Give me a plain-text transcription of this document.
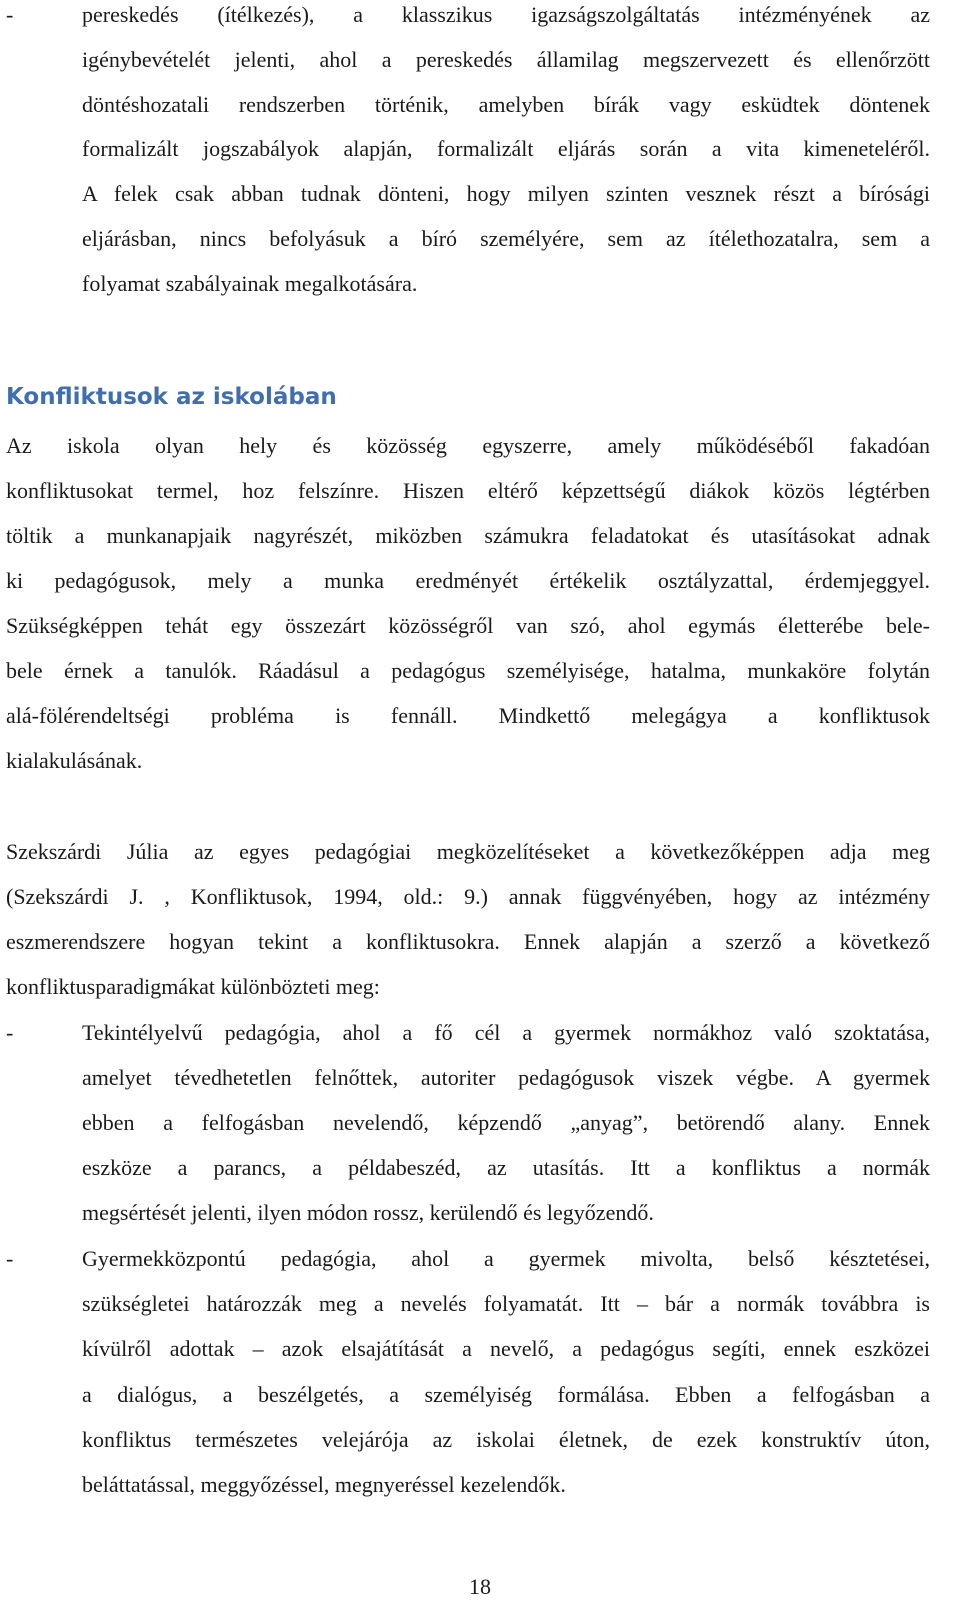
-	pereskedés (ítélkezés), a klasszikus igazságszolgáltatás intézményének az
igénybevételét jelenti, ahol a pereskedés államilag megszervezett és ellenőrzött
döntéshozatali rendszerben történik, amelyben bírák vagy esküdtek döntenek
formalizált jogszabályok alapján, formalizált eljárás során a vita kimeneteléről.
A felek csak abban tudnak dönteni, hogy milyen szinten vesznek részt a bírósági
eljárásban, nincs befolyásuk a bíró személyére, sem az ítélethozatalra, sem a
folyamat szabályainak megalkotására.
Konfliktusok az iskolában
Az iskola olyan hely és közösség egyszerre, amely működéséből fakadóan
konfliktusokat termel, hoz felszínre. Hiszen eltérő képzettségű diákok közös légtérben
töltik a munkanapjaik nagyrészét, miközben számukra feladatokat és utasításokat adnak
ki pedagógusok, mely a munka eredményét értékelik osztályzattal, érdemjeggyel.
Szükségképpen tehát egy összezárt közösségről van szó, ahol egymás életterébe bele-
bele érnek a tanulók. Ráadásul a pedagógus személyisége, hatalma, munkaköre folytán
alá-fölérendeltségi probléma is fennáll. Mindkettő melegágya a konfliktusok
kialakulásának.
Szekszárdi Júlia az egyes pedagógiai megközelítéseket a következőképpen adja meg
(Szekszárdi J. , Konfliktusok, 1994, old.: 9.) annak függvényében, hogy az intézmény
eszmerendszere hogyan tekint a konfliktusokra. Ennek alapján a szerző a következő
konfliktusparadigmákat különbözteti meg:
-	Tekintélyelvű pedagógia, ahol a fő cél a gyermek normákhoz való szoktatása,
amelyet tévedhetetlen felnőttek, autoriter pedagógusok viszek végbe. A gyermek
ebben a felfogásban nevelendő, képzendő „anyag”, betörendő alany. Ennek
eszköze a parancs, a példabeszéd, az utasítás. Itt a konfliktus a normák
megsértését jelenti, ilyen módon rossz, kerülendő és legyőzendő.
-	Gyermekközpontú pedagógia, ahol a gyermek mivolta, belső késztetései,
szükségletei határozzák meg a nevelés folyamatát. Itt – bár a normák továbbra is
kívülről adottak – azok elsajátítását a nevelő, a pedagógus segíti, ennek eszközei
a dialógus, a beszélgetés, a személyiség formálása. Ebben a felfogásban a
konfliktus természetes velejárója az iskolai életnek, de ezek konstruktív úton,
beláttatással, meggyőzéssel, megnyeréssel kezelendők.
18
